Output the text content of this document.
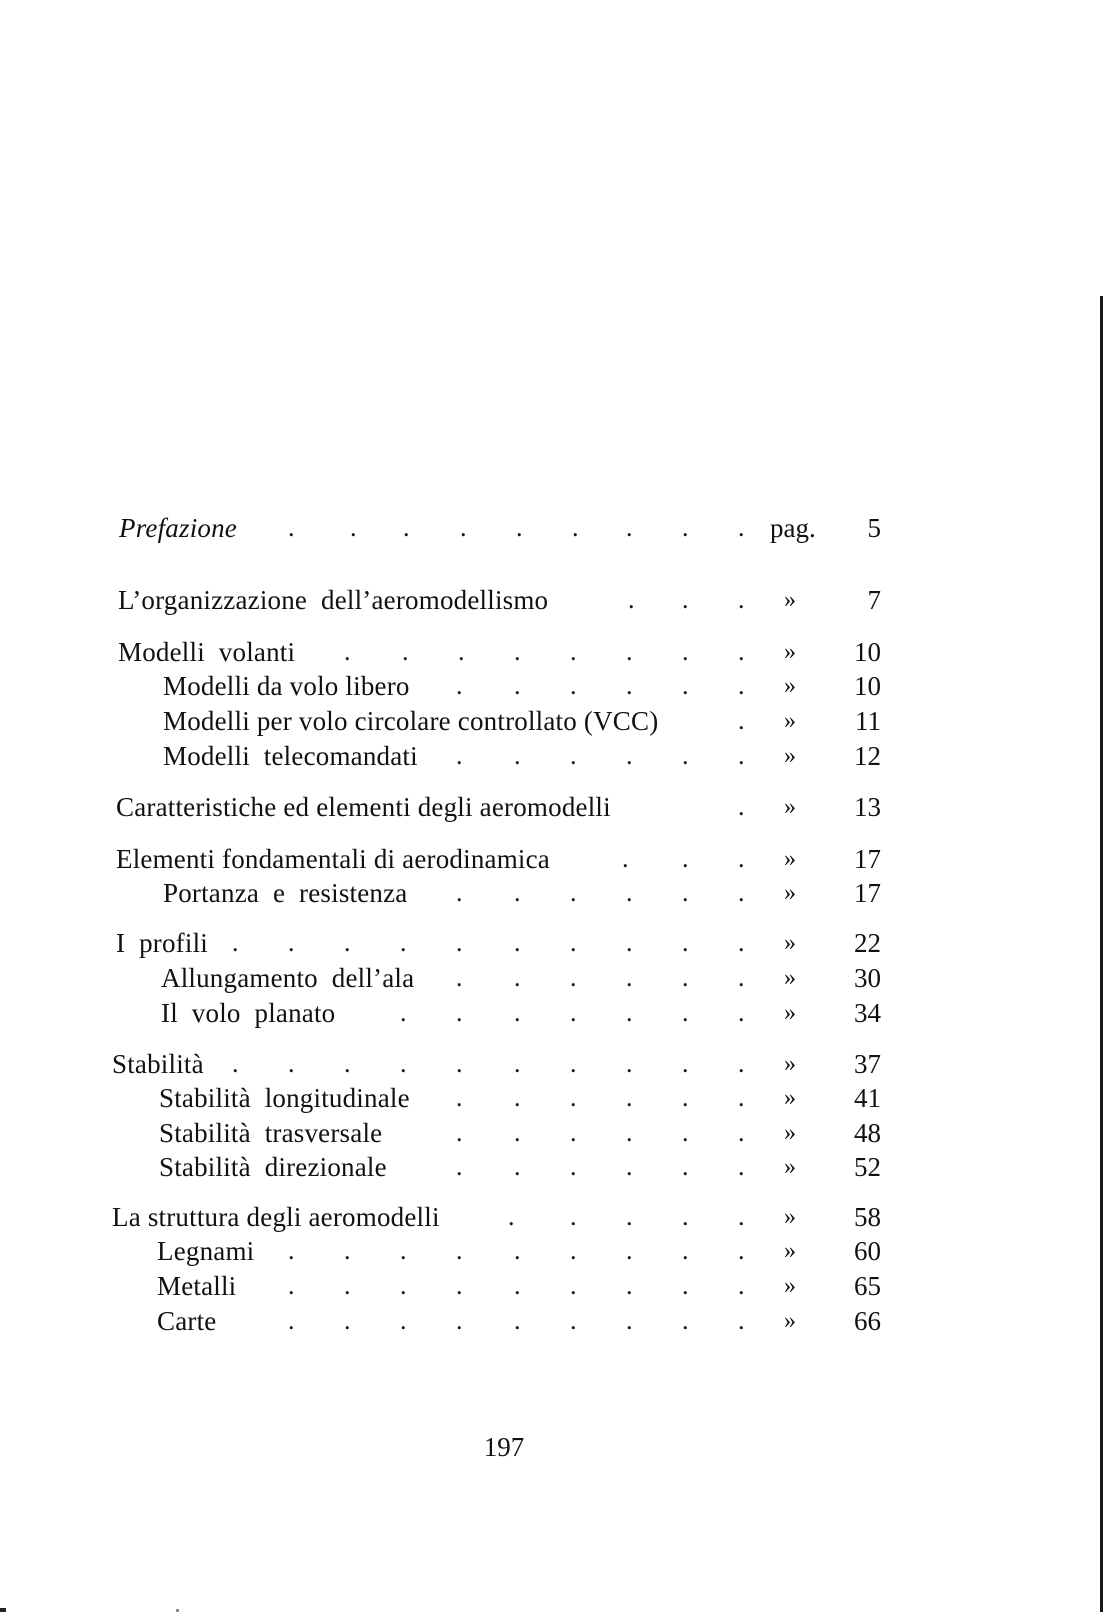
Prefazione . . . . . . . . . pag. 5
L’organizzazione  dell’aeromodellismo	. . . »	7
Modelli  volanti . . . . . . . . » 10
Modelli da volo libero . . . . . . » 10
Modelli per volo circolare controllato (VCC)	. » 11
Modelli  telecomandati . . . . . . » 12
Caratteristiche ed elementi degli aeromodelli	. » 13
Elementi fondamentali di aerodinamica	. . . » 17
Portanza  e  resistenza . . . . . . » 17
I  profili . . . . . . . . . . » 22
Allungamento  dell’ala . . . . . . » 30
Il  volo  planato . . . . . . . » 34
Stabilità . . . . . . . . . . » 37
Stabilità  longitudinale . . . . . . » 41
Stabilità  trasversale	. . . . . . » 48
Stabilità  direzionale	. . . . . . » 52
La struttura degli aeromodelli	. . . . . » 58
Legnami . . . . . . . . . » 60
Metalli . . . . . . . . . » 65
Carte	. . . . . . . . . » 66
197
